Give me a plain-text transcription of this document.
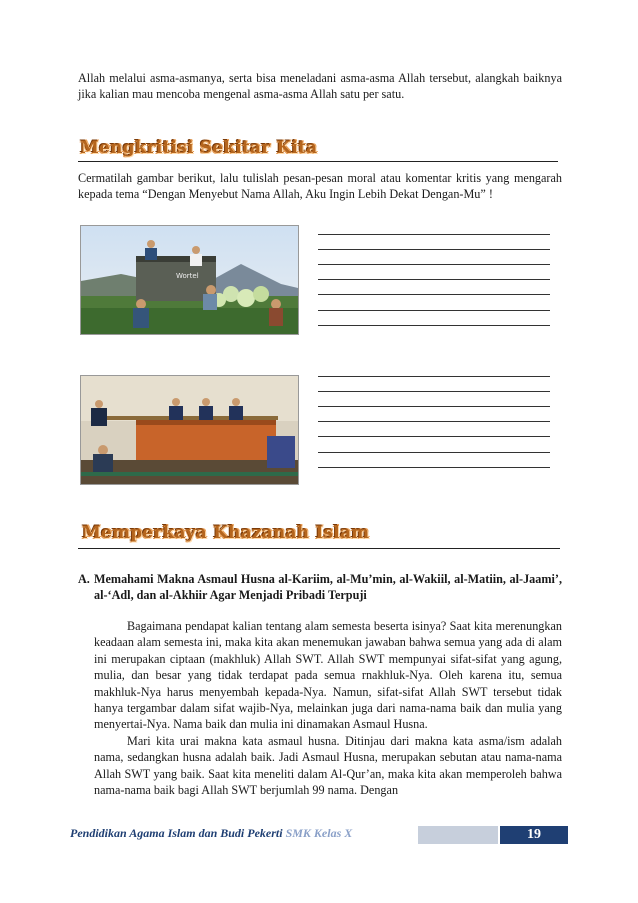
Allah melalui asma-asmanya, serta bisa meneladani asma-asma Allah tersebut, alangkah baiknya jika kalian mau mencoba mengenal asma-asma Allah satu per satu.
Mengkritisi Sekitar Kita
Cermatilah gambar berikut, lalu tulislah pesan-pesan moral atau komentar kritis yang mengarah kepada tema “Dengan Menyebut Nama Allah, Aku Ingin Lebih Dekat Dengan-Mu” !
Wortel
Memperkaya Khazanah Islam
A. Memahami Makna Asmaul Husna al-Kariim, al-Mu’min, al-Wakiil, al-Matiin, al-Jaami’, al-‘Adl, dan al-Akhiir Agar Menjadi Pribadi Terpuji
Bagaimana pendapat kalian tentang alam semesta beserta isinya? Saat kita merenungkan keadaan alam semesta ini, maka kita akan menemukan jawaban bahwa semua yang ada di alam ini merupakan ciptaan (makhluk) Allah SWT. Allah SWT mempunyai sifat-sifat yang agung, mulia, dan besar yang tidak terdapat pada semua rnakhluk-Nya. Oleh karena itu, semua makhluk-Nya harus menyembah kepada-Nya. Namun, sifat-sifat Allah SWT tersebut tidak hanya tergambar dalam sifat wajib-Nya, melainkan juga dari nama-nama baik dan mulia yang menyertai-Nya. Nama baik dan mulia ini dinamakan Asmaul Husna.
Mari kita urai makna kata asmaul husna. Ditinjau dari makna kata asma/ism adalah nama, sedangkan husna adalah baik. Jadi Asmaul Husna, merupakan sebutan atau nama-nama Allah SWT yang baik. Saat kita meneliti dalam Al-Qur’an, maka kita akan memperoleh bahwa nama-nama baik bagi Allah SWT berjumlah 99 nama. Dengan
Pendidikan Agama Islam dan Budi Pekerti SMK Kelas X	19
